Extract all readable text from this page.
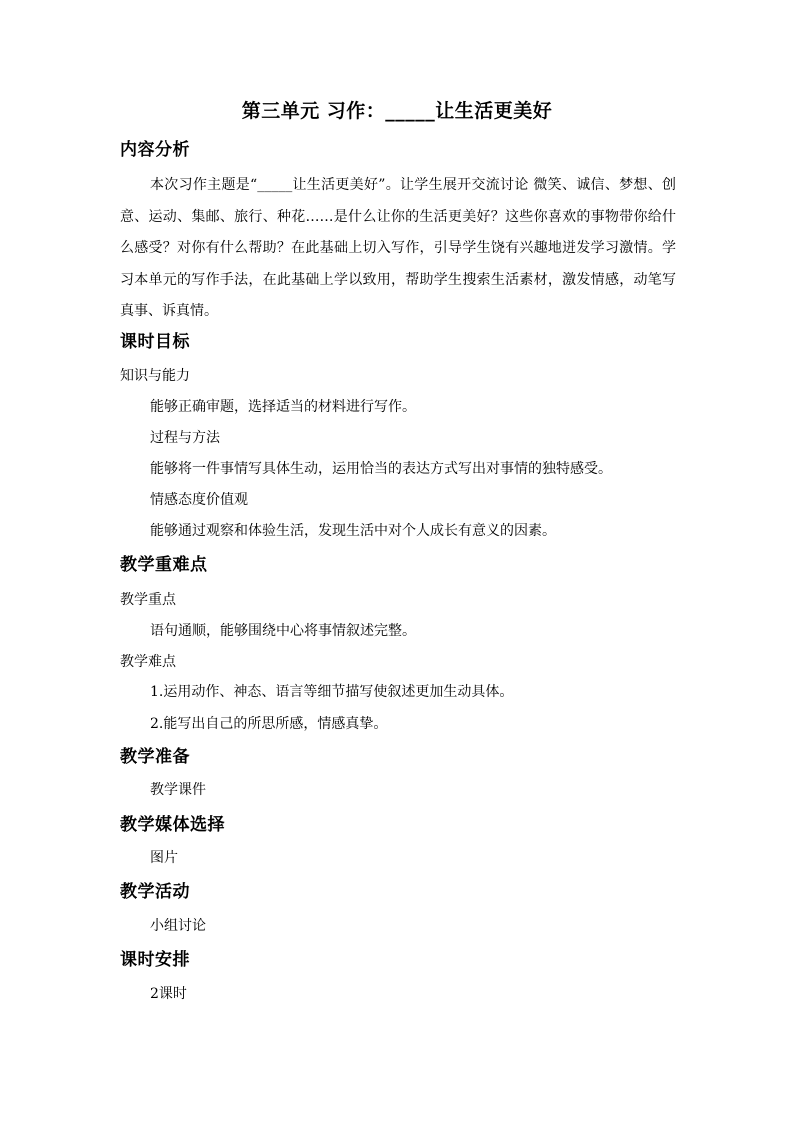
第三单元 习作：_____让生活更美好
内容分析
本次习作主题是“_____让生活更美好”。让学生展开交流讨论 微笑、诚信、梦想、创意、运动、集邮、旅行、种花……是什么让你的生活更美好？这些你喜欢的事物带你给什么感受？对你有什么帮助？在此基础上切入写作，引导学生饶有兴趣地迸发学习激情。学习本单元的写作手法，在此基础上学以致用，帮助学生搜索生活素材，激发情感，动笔写真事、诉真情。
课时目标
知识与能力
能够正确审题，选择适当的材料进行写作。
过程与方法
能够将一件事情写具体生动，运用恰当的表达方式写出对事情的独特感受。
情感态度价值观
能够通过观察和体验生活，发现生活中对个人成长有意义的因素。
教学重难点
教学重点
语句通顺，能够围绕中心将事情叙述完整。
教学难点
1.运用动作、神态、语言等细节描写使叙述更加生动具体。
2.能写出自己的所思所感，情感真挚。
教学准备
教学课件
教学媒体选择
图片
教学活动
小组讨论
课时安排
2课时
